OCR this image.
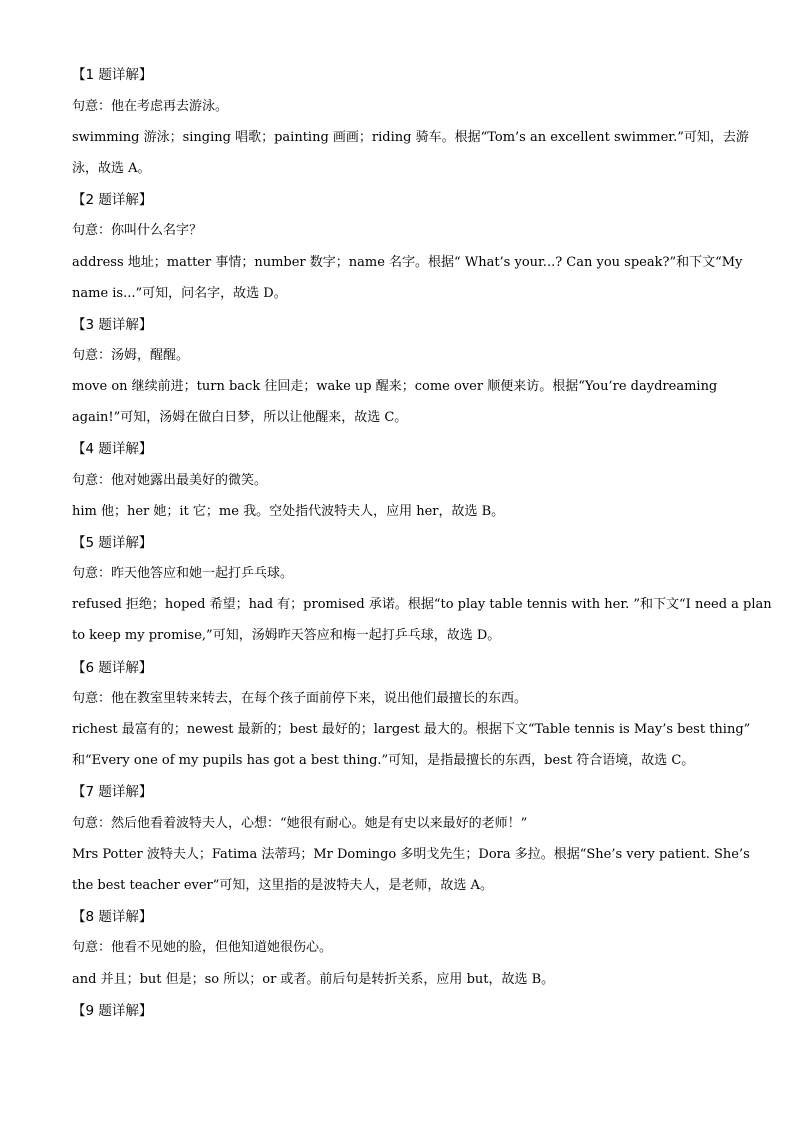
【1 题详解】
句意：他在考虑再去游泳。
swimming 游泳；singing 唱歌；painting 画画；riding 骑车。根据“Tom’s an excellent swimmer.”可知，去游
泳，故选 A。
【2 题详解】
句意：你叫什么名字？
address 地址；matter 事情；number 数字；name 名字。根据“ What’s your...? Can you speak?”和下文“My
name is...”可知，问名字，故选 D。
【3 题详解】
句意：汤姆，醒醒。
move on 继续前进；turn back 往回走；wake up 醒来；come over 顺便来访。根据“You’re daydreaming
again!”可知，汤姆在做白日梦，所以让他醒来，故选 C。
【4 题详解】
句意：他对她露出最美好的微笑。
him 他；her 她；it 它；me 我。空处指代波特夫人，应用 her，故选 B。
【5 题详解】
句意：昨天他答应和她一起打乒乓球。
refused 拒绝；hoped 希望；had 有；promised 承诺。根据“to play table tennis with her. ”和下文“I need a plan
to keep my promise,”可知，汤姆昨天答应和梅一起打乒乓球，故选 D。
【6 题详解】
句意：他在教室里转来转去，在每个孩子面前停下来，说出他们最擅长的东西。
richest 最富有的；newest 最新的；best 最好的；largest 最大的。根据下文“Table tennis is May’s best thing”
和“Every one of my pupils has got a best thing.”可知，是指最擅长的东西，best 符合语境，故选 C。
【7 题详解】
句意：然后他看着波特夫人，心想：“她很有耐心。她是有史以来最好的老师！”
Mrs Potter 波特夫人；Fatima 法蒂玛；Mr Domingo 多明戈先生；Dora 多拉。根据“She’s very patient. She’s
the best teacher ever”可知，这里指的是波特夫人，是老师，故选 A。
【8 题详解】
句意：他看不见她的脸，但他知道她很伤心。
and 并且；but 但是；so 所以；or 或者。前后句是转折关系，应用 but，故选 B。
【9 题详解】
